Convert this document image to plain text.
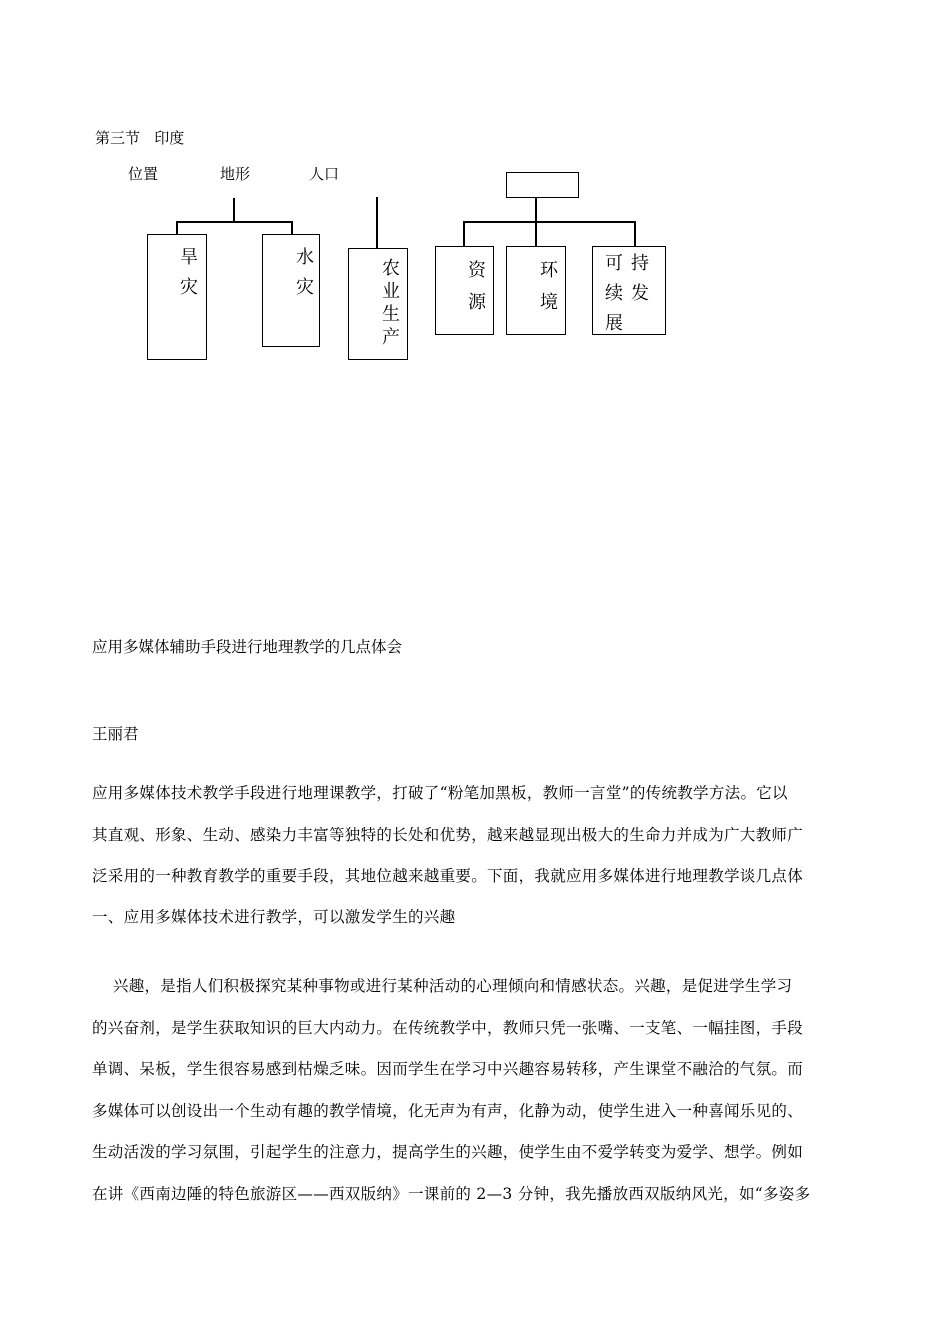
第三节   印度
位置	地形	人口
旱灾
水灾
农业生产
资源
环境
可持续发展
应用多媒体辅助手段进行地理教学的几点体会
王丽君
应用多媒体技术教学手段进行地理课教学，打破了“粉笔加黑板，教师一言堂”的传统教学方法。它以
其直观、形象、生动、感染力丰富等独特的长处和优势，越来越显现出极大的生命力并成为广大教师广
泛采用的一种教育教学的重要手段，其地位越来越重要。下面，我就应用多媒体进行地理教学谈几点体
一、应用多媒体技术进行教学，可以激发学生的兴趣
兴趣，是指人们积极探究某种事物或进行某种活动的心理倾向和情感状态。兴趣，是促进学生学习
的兴奋剂，是学生获取知识的巨大内动力。在传统教学中，教师只凭一张嘴、一支笔、一幅挂图，手段
单调、呆板，学生很容易感到枯燥乏味。因而学生在学习中兴趣容易转移，产生课堂不融洽的气氛。而
多媒体可以创设出一个生动有趣的教学情境，化无声为有声，化静为动，使学生进入一种喜闻乐见的、
生动活泼的学习氛围，引起学生的注意力，提高学生的兴趣，使学生由不爱学转变为爱学、想学。例如
在讲《西南边陲的特色旅游区——西双版纳》一课前的 2—3 分钟，我先播放西双版纳风光，如“多姿多
